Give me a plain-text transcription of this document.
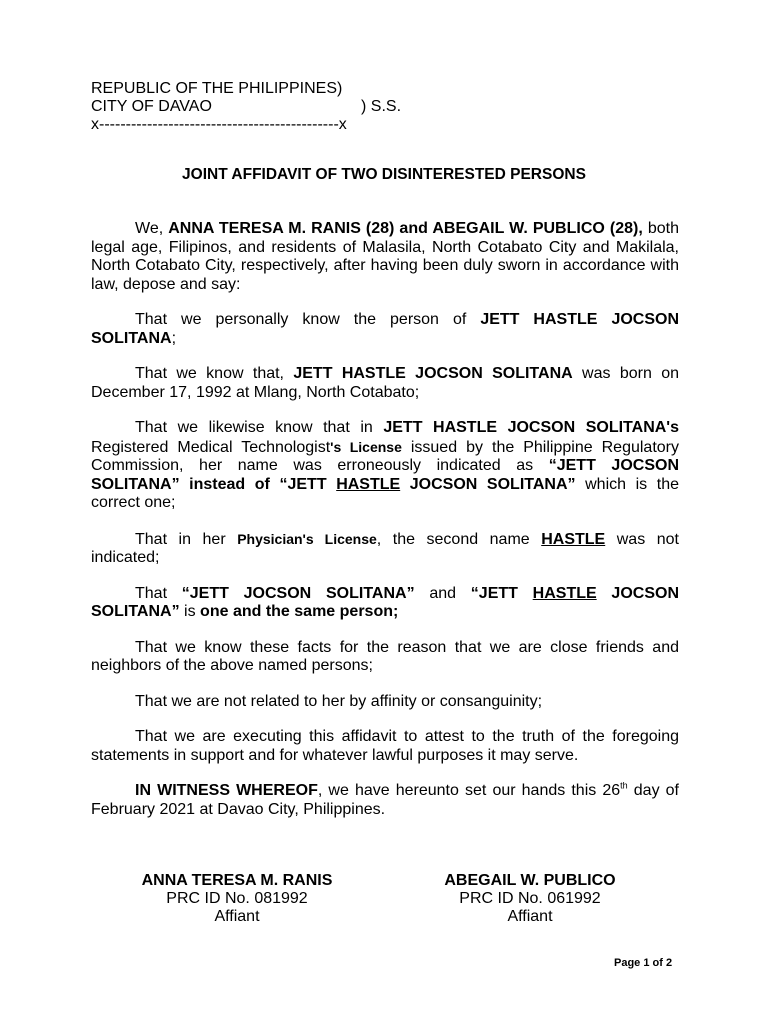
REPUBLIC OF THE PHILIPPINES)
CITY OF DAVAO	) S.S.
x---------------------------------------------x
JOINT AFFIDAVIT OF TWO DISINTERESTED PERSONS

We, ANNA TERESA M. RANIS (28) and ABEGAIL W. PUBLICO (28), both legal age, Filipinos, and residents of Malasila, North Cotabato City and Makilala, North Cotabato City, respectively, after having been duly sworn in accordance with law, depose and say:

That we personally know the person of JETT HASTLE JOCSON SOLITANA;

That we know that, JETT HASTLE JOCSON SOLITANA was born on December 17, 1992 at Mlang, North Cotabato;

That we likewise know that in JETT HASTLE JOCSON SOLITANA's Registered Medical Technologist's License issued by the Philippine Regulatory Commission, her name was erroneously indicated as “JETT JOCSON SOLITANA” instead of “JETT HASTLE JOCSON SOLITANA” which is the correct one;

That in her Physician's License, the second name HASTLE was not indicated;

That “JETT JOCSON SOLITANA” and “JETT HASTLE JOCSON SOLITANA” is one and the same person;

That we know these facts for the reason that we are close friends and neighbors of the above named persons;

That we are not related to her by affinity or consanguinity;

That we are executing this affidavit to attest to the truth of the foregoing statements in support and for whatever lawful purposes it may serve.

IN WITNESS WHEREOF, we have hereunto set our hands this 26th day of February 2021 at Davao City, Philippines.

ANNA TERESA M. RANIS
PRC ID No. 081992
Affiant
ABEGAIL W. PUBLICO
PRC ID No. 061992
Affiant
Page 1 of 2
